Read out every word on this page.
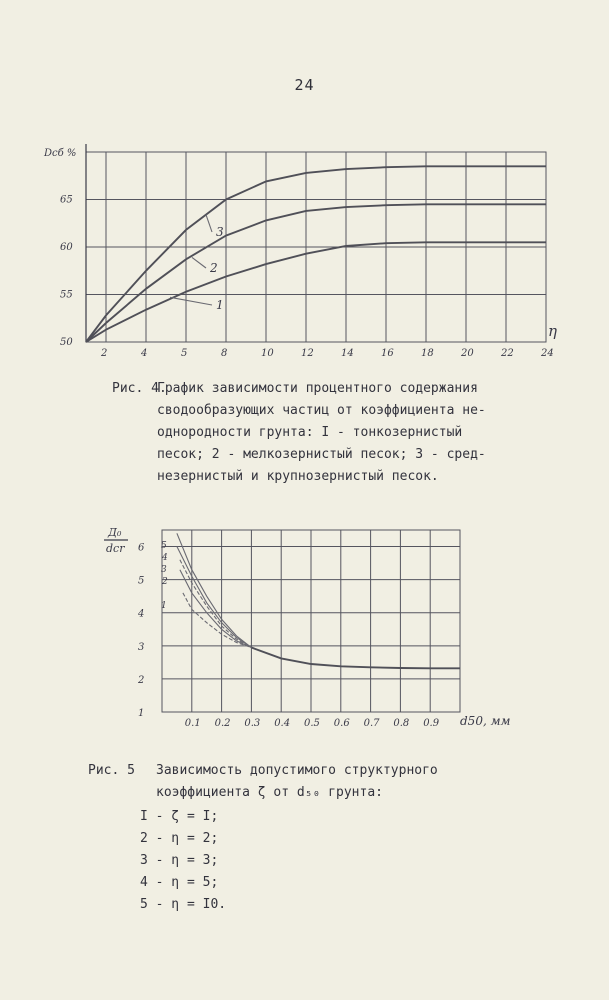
24
2	4	5	8	10	12	14	16	18	20	22	24
50
55
60
65
1
2
3
Dсб %
η
Рис. 4.
График зависимости процентного содержания
сводообразующих частиц от коэффициента не-
однородности грунта: I - тонкозернистый
песок; 2 - мелкозернистый песок; 3 - сред-
незернистый и крупнозернистый песок.
0.1 0.2 0.3 0.4 0.5 0.6 0.7 0.8 0.9
1
2
3
4
5
6 5
4
3
2
1
Д₀
dcr
d50, мм
Рис. 5	Зависимость допустимого структурного
коэффициента ζ от d₅₀ грунта:
I - ζ = I;
2 - η = 2;
3 - η = 3;
4 - η = 5;
5 - η = I0.
